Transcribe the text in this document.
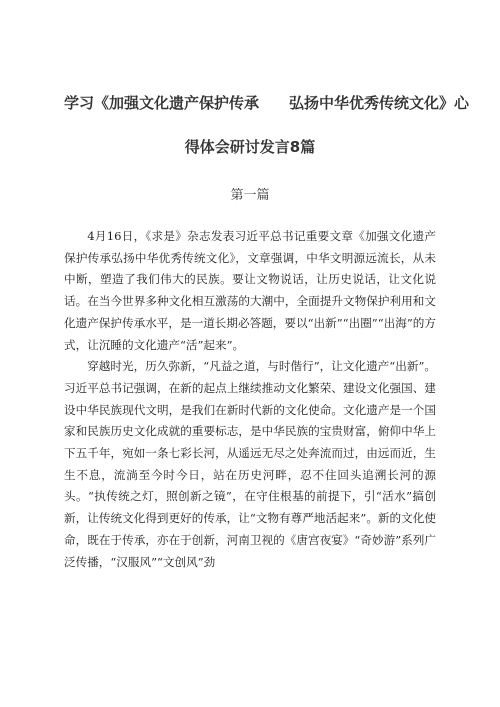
学习《加强文化遗产保护传承 弘扬中华优秀传统文化》心
得体会研讨发言8篇
第一篇

4月16日，《求是》杂志发表习近平总书记重要文章《加强文化遗产保护传承弘扬中华优秀传统文化》，文章强调，中华文明源远流长，从未中断，塑造了我们伟大的民族。要让文物说话，让历史说话，让文化说话。在当今世界多种文化相互激荡的大潮中，全面提升文物保护利用和文化遗产保护传承水平，是一道长期必答题，要以“出新”“出圈”“出海”的方式，让沉睡的文化遗产“活”起来”。

穿越时光，历久弥新，“凡益之道，与时偕行”，让文化遗产“出新”。习近平总书记强调，在新的起点上继续推动文化繁荣、建设文化强国、建设中华民族现代文明，是我们在新时代新的文化使命。文化遗产是一个国家和民族历史文化成就的重要标志，是中华民族的宝贵财富，俯仰中华上下五千年，宛如一条七彩长河，从遥远无尽之处奔流而过，由远而近，生生不息，流淌至今时今日，站在历史河畔，忍不住回头追溯长河的源头。“执传统之灯，照创新之镜”，在守住根基的前提下，引“活水”搞创新，让传统文化得到更好的传承，让“文物有尊严地活起来”。新的文化使命，既在于传承，亦在于创新，河南卫视的《唐宫夜宴》“奇妙游”系列广泛传播，“汉服风”“文创风”劲
